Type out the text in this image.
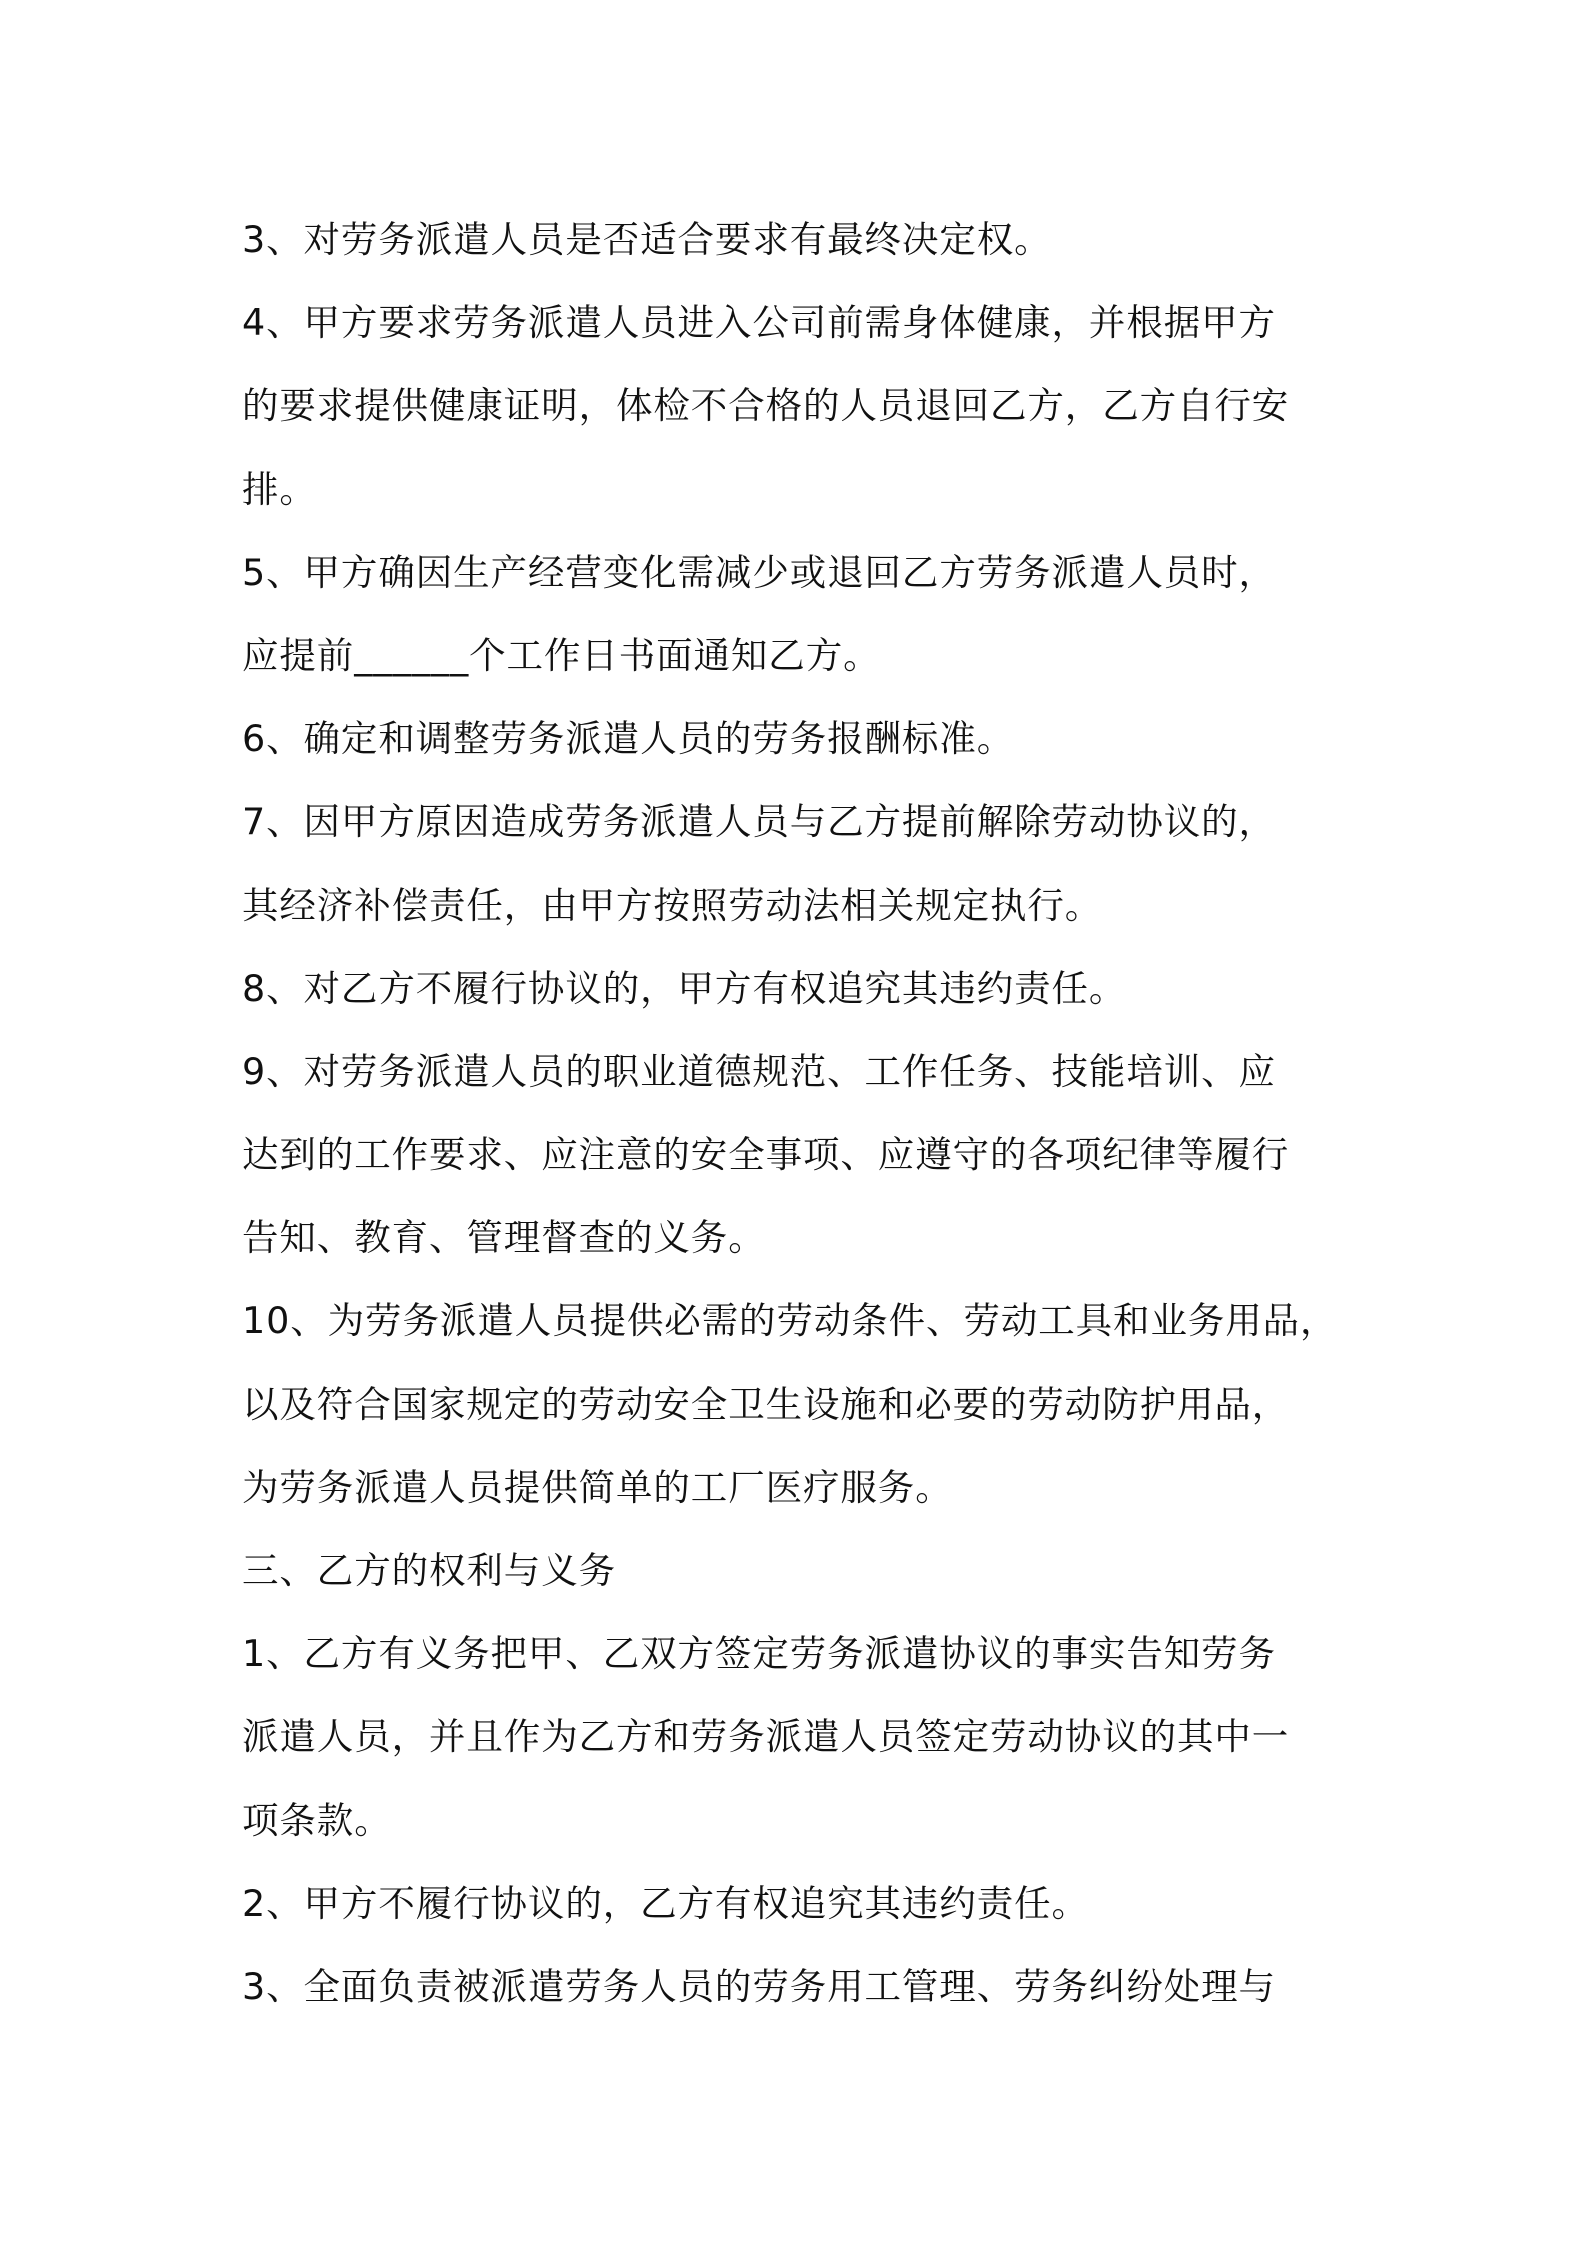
3、对劳务派遣人员是否适合要求有最终决定权。
4、甲方要求劳务派遣人员进入公司前需身体健康，并根据甲方
的要求提供健康证明，体检不合格的人员退回乙方，乙方自行安
排。
5、甲方确因生产经营变化需减少或退回乙方劳务派遣人员时，
应提前______个工作日书面通知乙方。
6、确定和调整劳务派遣人员的劳务报酬标准。
7、因甲方原因造成劳务派遣人员与乙方提前解除劳动协议的，
其经济补偿责任，由甲方按照劳动法相关规定执行。
8、对乙方不履行协议的，甲方有权追究其违约责任。
9、对劳务派遣人员的职业道德规范、工作任务、技能培训、应
达到的工作要求、应注意的安全事项、应遵守的各项纪律等履行
告知、教育、管理督查的义务。
10、为劳务派遣人员提供必需的劳动条件、劳动工具和业务用品，
以及符合国家规定的劳动安全卫生设施和必要的劳动防护用品，
为劳务派遣人员提供简单的工厂医疗服务。
三、乙方的权利与义务
1、乙方有义务把甲、乙双方签定劳务派遣协议的事实告知劳务
派遣人员，并且作为乙方和劳务派遣人员签定劳动协议的其中一
项条款。
2、甲方不履行协议的，乙方有权追究其违约责任。
3、全面负责被派遣劳务人员的劳务用工管理、劳务纠纷处理与
